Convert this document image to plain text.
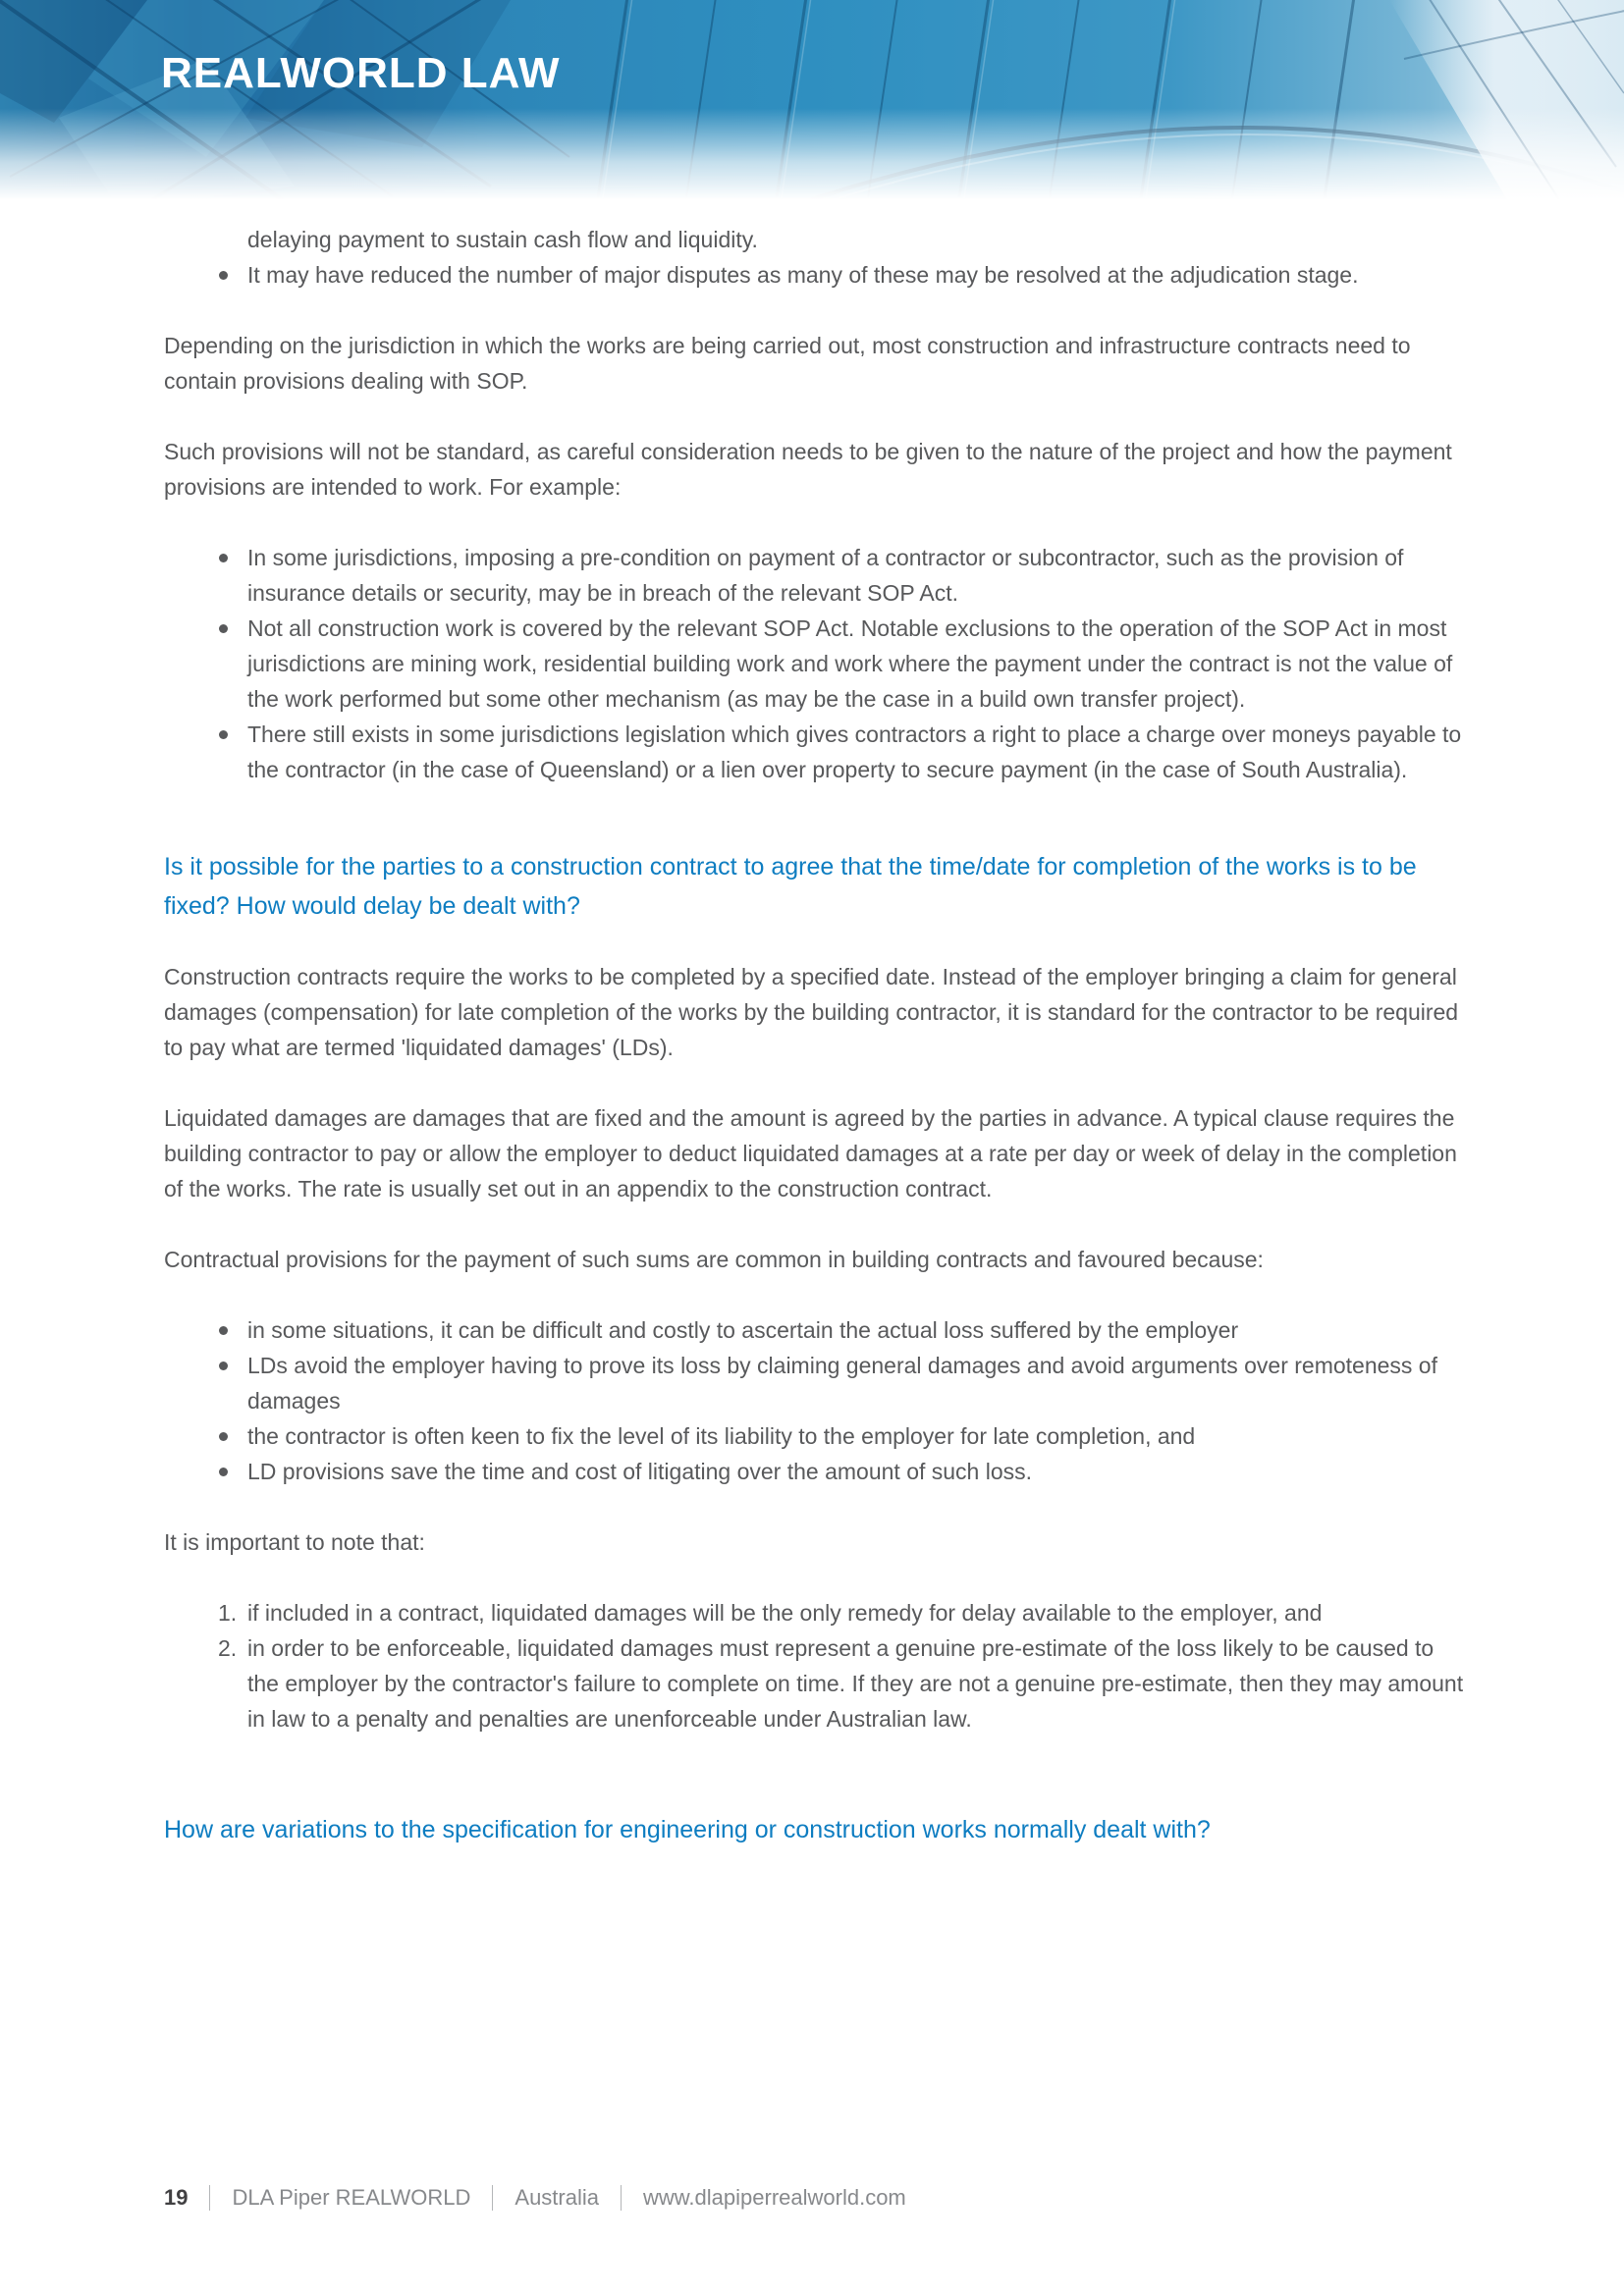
REALWORLD LAW
delaying payment to sustain cash flow and liquidity.
It may have reduced the number of major disputes as many of these may be resolved at the adjudication stage.

Depending on the jurisdiction in which the works are being carried out, most construction and infrastructure contracts need to contain provisions dealing with SOP.

Such provisions will not be standard, as careful consideration needs to be given to the nature of the project and how the payment provisions are intended to work. For example:

In some jurisdictions, imposing a pre-condition on payment of a contractor or subcontractor, such as the provision of insurance details or security, may be in breach of the relevant SOP Act.
Not all construction work is covered by the relevant SOP Act. Notable exclusions to the operation of the SOP Act in most jurisdictions are mining work, residential building work and work where the payment under the contract is not the value of the work performed but some other mechanism (as may be the case in a build own transfer project).
There still exists in some jurisdictions legislation which gives contractors a right to place a charge over moneys payable to the contractor (in the case of Queensland) or a lien over property to secure payment (in the case of South Australia).
Is it possible for the parties to a construction contract to agree that the time/date for completion of the works is to be fixed? How would delay be dealt with?

Construction contracts require the works to be completed by a specified date. Instead of the employer bringing a claim for general damages (compensation) for late completion of the works by the building contractor, it is standard for the contractor to be required to pay what are termed 'liquidated damages' (LDs).

Liquidated damages are damages that are fixed and the amount is agreed by the parties in advance. A typical clause requires the building contractor to pay or allow the employer to deduct liquidated damages at a rate per day or week of delay in the completion of the works. The rate is usually set out in an appendix to the construction contract.

Contractual provisions for the payment of such sums are common in building contracts and favoured because:

in some situations, it can be difficult and costly to ascertain the actual loss suffered by the employer
LDs avoid the employer having to prove its loss by claiming general damages and avoid arguments over remoteness of damages
the contractor is often keen to fix the level of its liability to the employer for late completion, and
LD provisions save the time and cost of litigating over the amount of such loss.

It is important to note that:

1. if included in a contract, liquidated damages will be the only remedy for delay available to the employer, and
2. in order to be enforceable, liquidated damages must represent a genuine pre-estimate of the loss likely to be caused to the employer by the contractor's failure to complete on time. If they are not a genuine pre-estimate, then they may amount in law to a penalty and penalties are unenforceable under Australian law.
How are variations to the specification for engineering or construction works normally dealt with?
19 DLA Piper REALWORLD Australia www.dlapiperrealworld.com
